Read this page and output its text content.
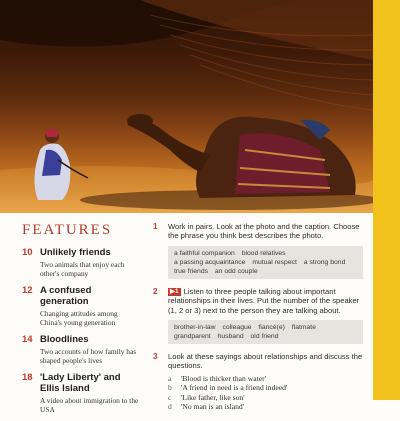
FEATURES
10 Unlikely friends
Two animals that enjoy each other's company
12 A confused generation
Changing attitudes among China's young generation
14 Bloodlines
Two accounts of how family has shaped people's lives
18 'Lady Liberty' and Ellis Island
A video about immigration to the USA
1	Work in pairs. Look at the photo and the caption. Choose the phrase you think best describes the photo.
a faithful companion blood relatives a passing acquaintance mutual respect a strong bond true friends an odd couple
2	▶1 Listen to three people talking about important relationships in their lives. Put the number of the speaker (1, 2 or 3) next to the person they are talking about.
brother-in-law colleague fiancé(e) flatmate grandparent husband old friend
3	Look at these sayings about relationships and discuss the questions.
a	'Blood is thicker than water'
b	'A friend in need is a friend indeed'
c	'Like father, like son'
d	'No man is an island'
